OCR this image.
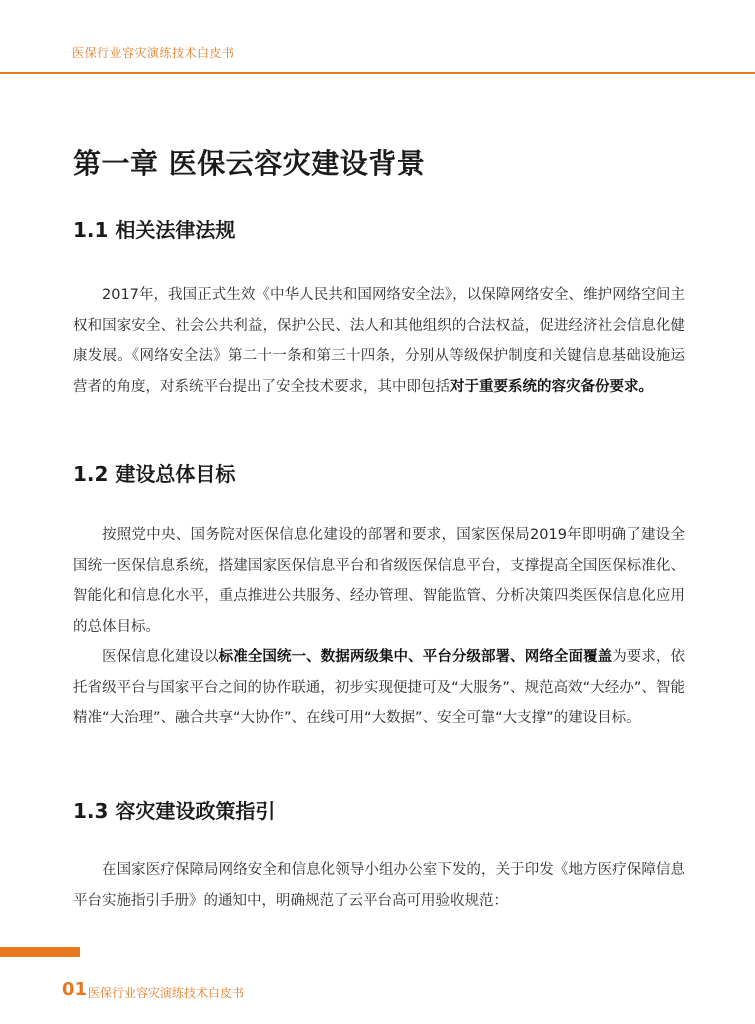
医保行业容灾演练技术白皮书
第一章 医保云容灾建设背景
1.1 相关法律法规

2017年，我国正式生效《中华人民共和国网络安全法》，以保障网络安全、维护网络空间主权和国家安全、社会公共利益，保护公民、法人和其他组织的合法权益，促进经济社会信息化健康发展。《网络安全法》第二十一条和第三十四条，分别从等级保护制度和关键信息基础设施运营者的角度，对系统平台提出了安全技术要求，其中即包括对于重要系统的容灾备份要求。

1.2 建设总体目标

按照党中央、国务院对医保信息化建设的部署和要求，国家医保局2019年即明确了建设全国统一医保信息系统，搭建国家医保信息平台和省级医保信息平台，支撑提高全国医保标准化、智能化和信息化水平，重点推进公共服务、经办管理、智能监管、分析决策四类医保信息化应用的总体目标。

医保信息化建设以标准全国统一、数据两级集中、平台分级部署、网络全面覆盖为要求，依托省级平台与国家平台之间的协作联通，初步实现便捷可及“大服务”、规范高效“大经办”、智能精准“大治理”、融合共享“大协作”、在线可用“大数据”、安全可靠“大支撑”的建设目标。

1.3 容灾建设政策指引

在国家医疗保障局网络安全和信息化领导小组办公室下发的，关于印发《地方医疗保障信息平台实施指引手册》的通知中，明确规范了云平台高可用验收规范：

01 医保行业容灾演练技术白皮书
